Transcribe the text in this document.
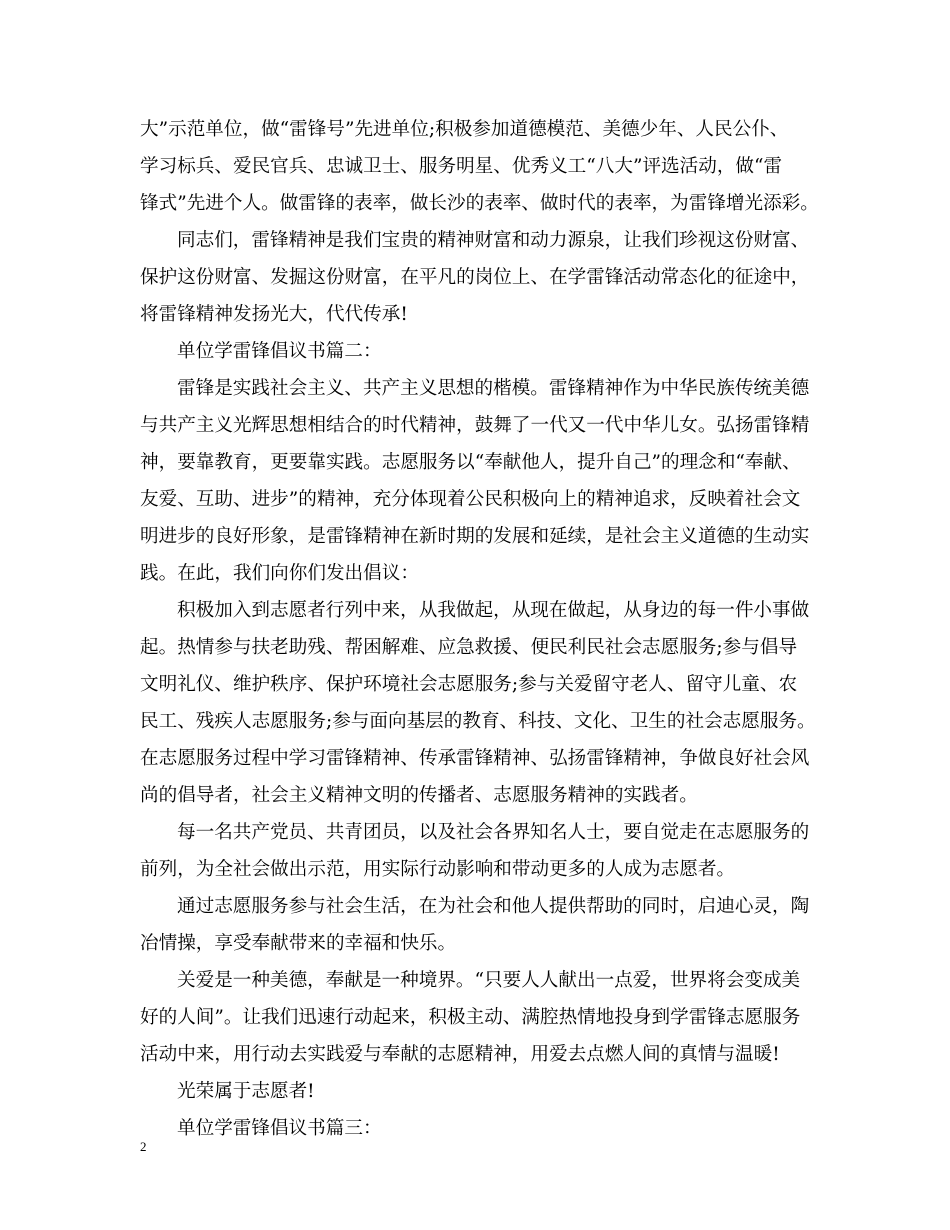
大”示范单位，做“雷锋号”先进单位;积极参加道德模范、美德少年、人民公仆、
学习标兵、爱民官兵、忠诚卫士、服务明星、优秀义工“八大”评选活动，做“雷
锋式”先进个人。做雷锋的表率，做长沙的表率、做时代的表率，为雷锋增光添彩。
同志们，雷锋精神是我们宝贵的精神财富和动力源泉，让我们珍视这份财富、
保护这份财富、发掘这份财富，在平凡的岗位上、在学雷锋活动常态化的征途中，
将雷锋精神发扬光大，代代传承!
单位学雷锋倡议书篇二：
雷锋是实践社会主义、共产主义思想的楷模。雷锋精神作为中华民族传统美德
与共产主义光辉思想相结合的时代精神，鼓舞了一代又一代中华儿女。弘扬雷锋精
神，要靠教育，更要靠实践。志愿服务以“奉献他人，提升自己”的理念和“奉献、
友爱、互助、进步”的精神，充分体现着公民积极向上的精神追求，反映着社会文
明进步的良好形象，是雷锋精神在新时期的发展和延续，是社会主义道德的生动实
践。在此，我们向你们发出倡议：
积极加入到志愿者行列中来，从我做起，从现在做起，从身边的每一件小事做
起。热情参与扶老助残、帮困解难、应急救援、便民利民社会志愿服务;参与倡导
文明礼仪、维护秩序、保护环境社会志愿服务;参与关爱留守老人、留守儿童、农
民工、残疾人志愿服务;参与面向基层的教育、科技、文化、卫生的社会志愿服务。
在志愿服务过程中学习雷锋精神、传承雷锋精神、弘扬雷锋精神，争做良好社会风
尚的倡导者，社会主义精神文明的传播者、志愿服务精神的实践者。
每一名共产党员、共青团员，以及社会各界知名人士，要自觉走在志愿服务的
前列，为全社会做出示范，用实际行动影响和带动更多的人成为志愿者。
通过志愿服务参与社会生活，在为社会和他人提供帮助的同时，启迪心灵，陶
冶情操，享受奉献带来的幸福和快乐。
关爱是一种美德，奉献是一种境界。“只要人人献出一点爱，世界将会变成美
好的人间”。让我们迅速行动起来，积极主动、满腔热情地投身到学雷锋志愿服务
活动中来，用行动去实践爱与奉献的志愿精神，用爱去点燃人间的真情与温暖!
光荣属于志愿者!
单位学雷锋倡议书篇三：
2
